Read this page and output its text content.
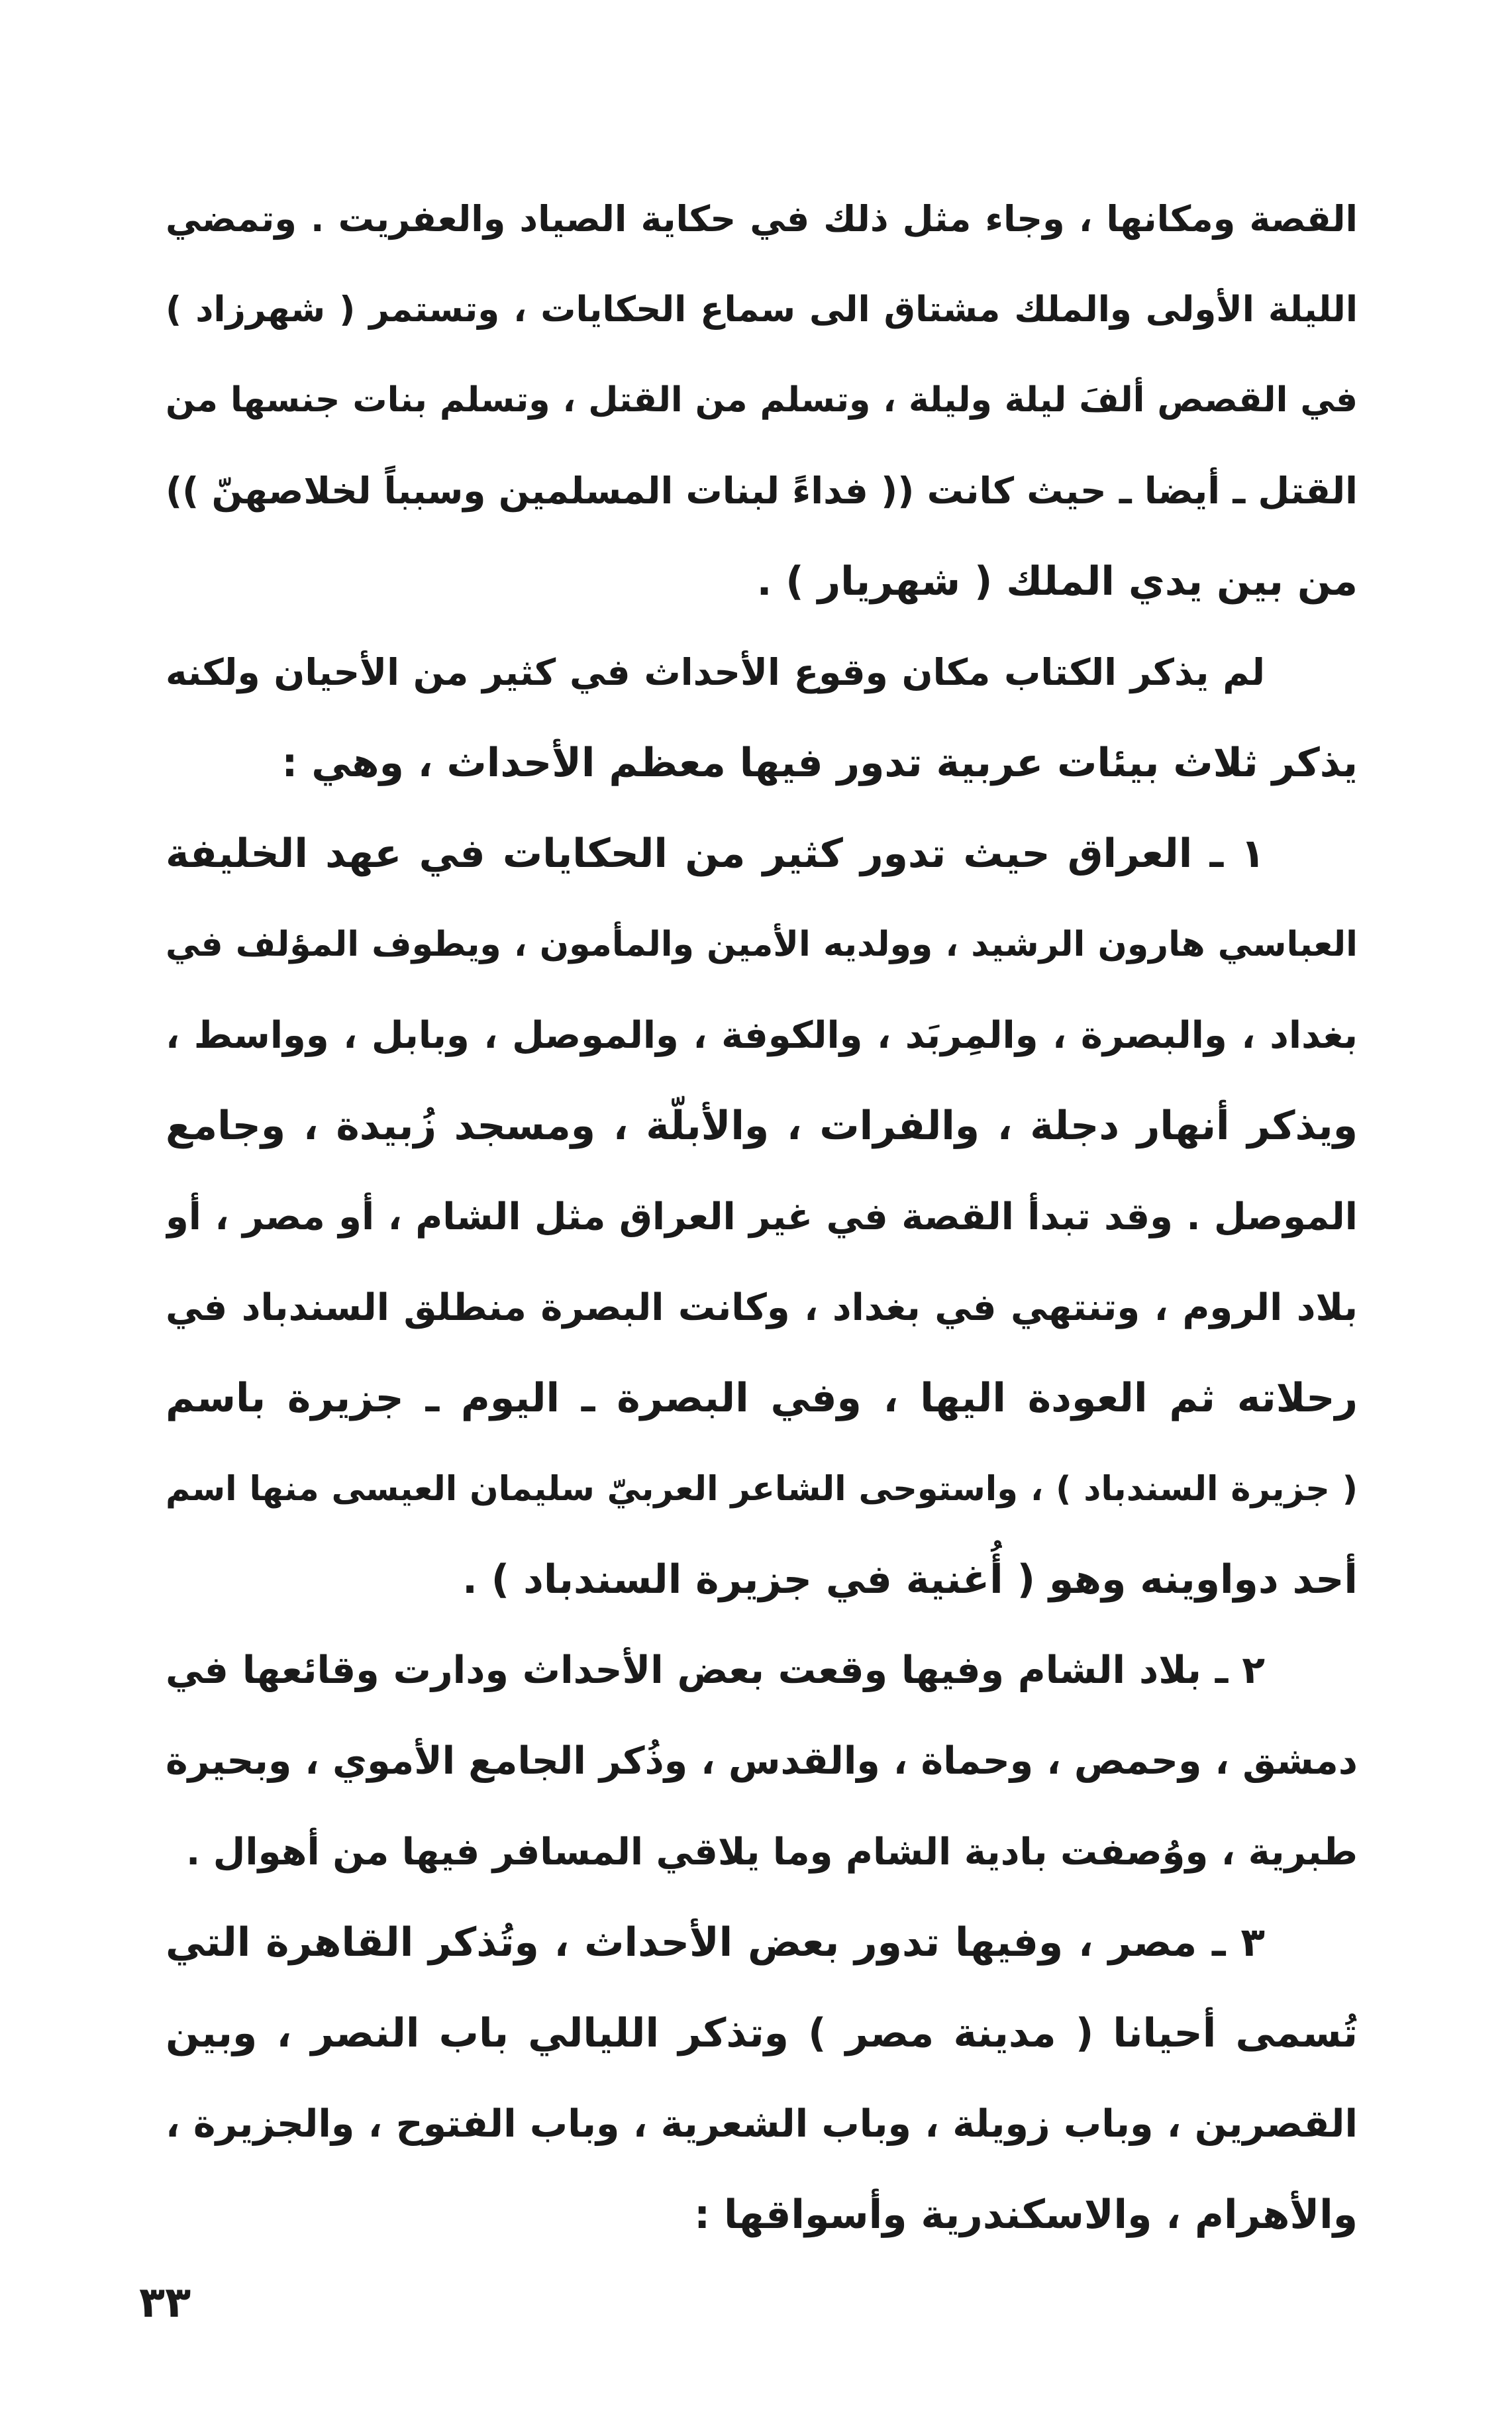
القصة ومكانها ، وجاء مثل ذلك في حكاية الصياد والعفريت . وتمضي
الليلة الأولى والملك مشتاق الى سماع الحكايات ، وتستمر ( شهرزاد )
في القصص ألفَ ليلة وليلة ، وتسلم من القتل ، وتسلم بنات جنسها من
القتل ـ أيضا ـ حيث كانت (( فداءً لبنات المسلمين وسبباً لخلاصهنّ ))
من بين يدي الملك ( شهريار ) .
لم يذكر الكتاب مكان وقوع الأحداث في كثير من الأحيان ولكنه
يذكر ثلاث بيئات عربية تدور فيها معظم الأحداث ، وهي :
١ ـ العراق حيث تدور كثير من الحكايات في عهد الخليفة
العباسي هارون الرشيد ، وولديه الأمين والمأمون ، ويطوف المؤلف في
بغداد ، والبصرة ، والمِربَد ، والكوفة ، والموصل ، وبابل ، وواسط ،
ويذكر أنهار دجلة ، والفرات ، والأبلّة ، ومسجد زُبيدة ، وجامع
الموصل . وقد تبدأ القصة في غير العراق مثل الشام ، أو مصر ، أو
بلاد الروم ، وتنتهي في بغداد ، وكانت البصرة منطلق السندباد في
رحلاته ثم العودة اليها ، وفي البصرة ـ اليوم ـ جزيرة باسم
( جزيرة السندباد ) ، واستوحى الشاعر العربيّ سليمان العيسى منها اسم
أحد دواوينه وهو ( أُغنية في جزيرة السندباد ) .
٢ ـ بلاد الشام وفيها وقعت بعض الأحداث ودارت وقائعها في
دمشق ، وحمص ، وحماة ، والقدس ، وذُكر الجامع الأموي ، وبحيرة
طبرية ، ووُصفت بادية الشام وما يلاقي المسافر فيها من أهوال .
٣ ـ مصر ، وفيها تدور بعض الأحداث ، وتُذكر القاهرة التي
تُسمى أحيانا ( مدينة مصر ) وتذكر الليالي باب النصر ، وبين
القصرين ، وباب زويلة ، وباب الشعرية ، وباب الفتوح ، والجزيرة ،
والأهرام ، والاسكندرية وأسواقها :
٣٣
